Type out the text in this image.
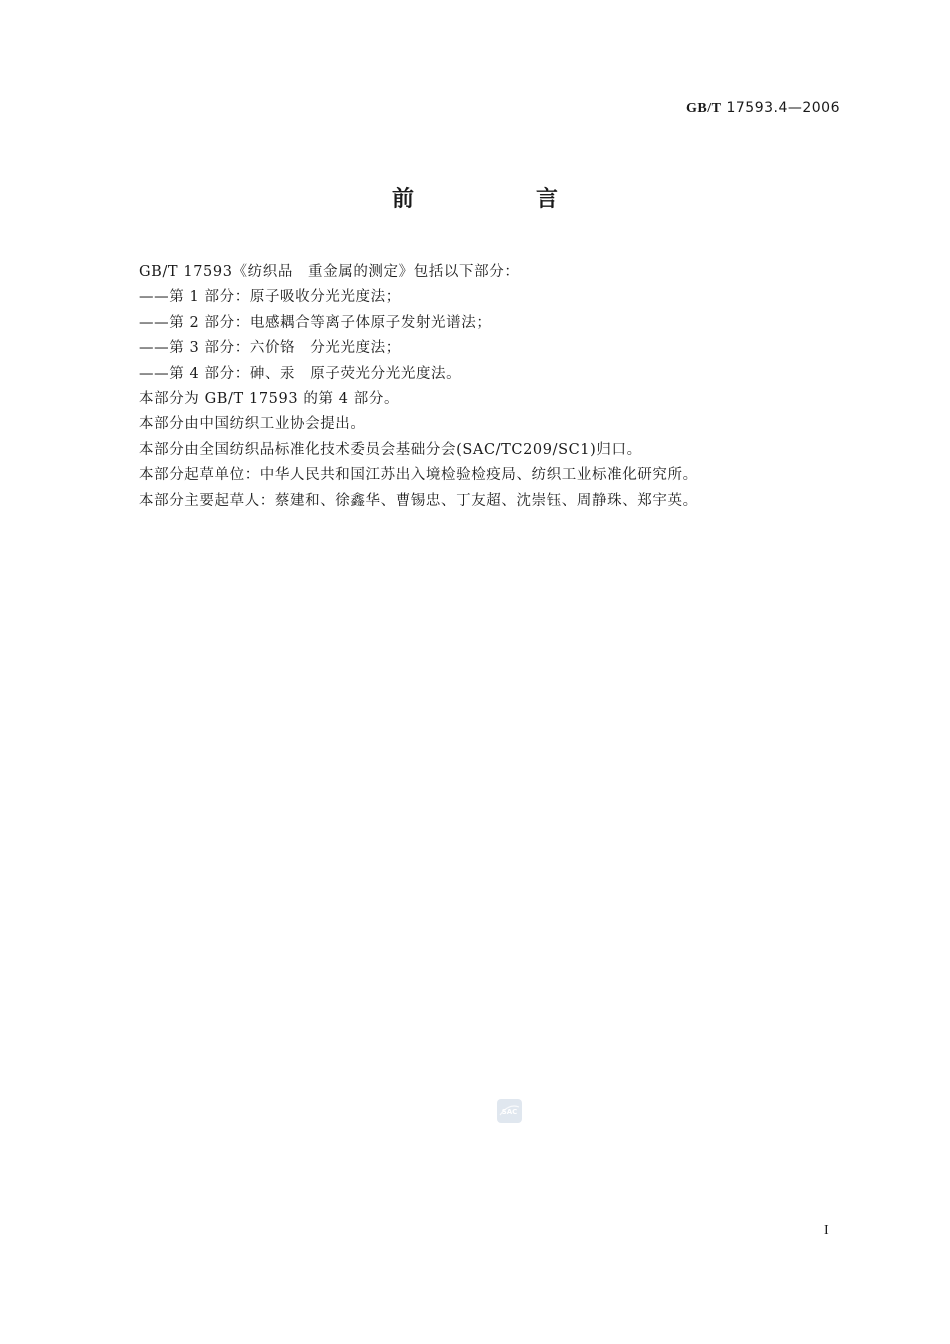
GB/T 17593.4—2006
前　言
GB/T 17593《纺织品　重金属的测定》包括以下部分：
——第 1 部分：原子吸收分光光度法；
——第 2 部分：电感耦合等离子体原子发射光谱法；
——第 3 部分：六价铬　分光光度法；
——第 4 部分：砷、汞　原子荧光分光光度法。
本部分为 GB/T 17593 的第 4 部分。
本部分由中国纺织工业协会提出。
本部分由全国纺织品标准化技术委员会基础分会(SAC/TC209/SC1)归口。
本部分起草单位：中华人民共和国江苏出入境检验检疫局、纺织工业标准化研究所。
本部分主要起草人：蔡建和、徐鑫华、曹锡忠、丁友超、沈崇钰、周静珠、郑宇英。
SAC
I
